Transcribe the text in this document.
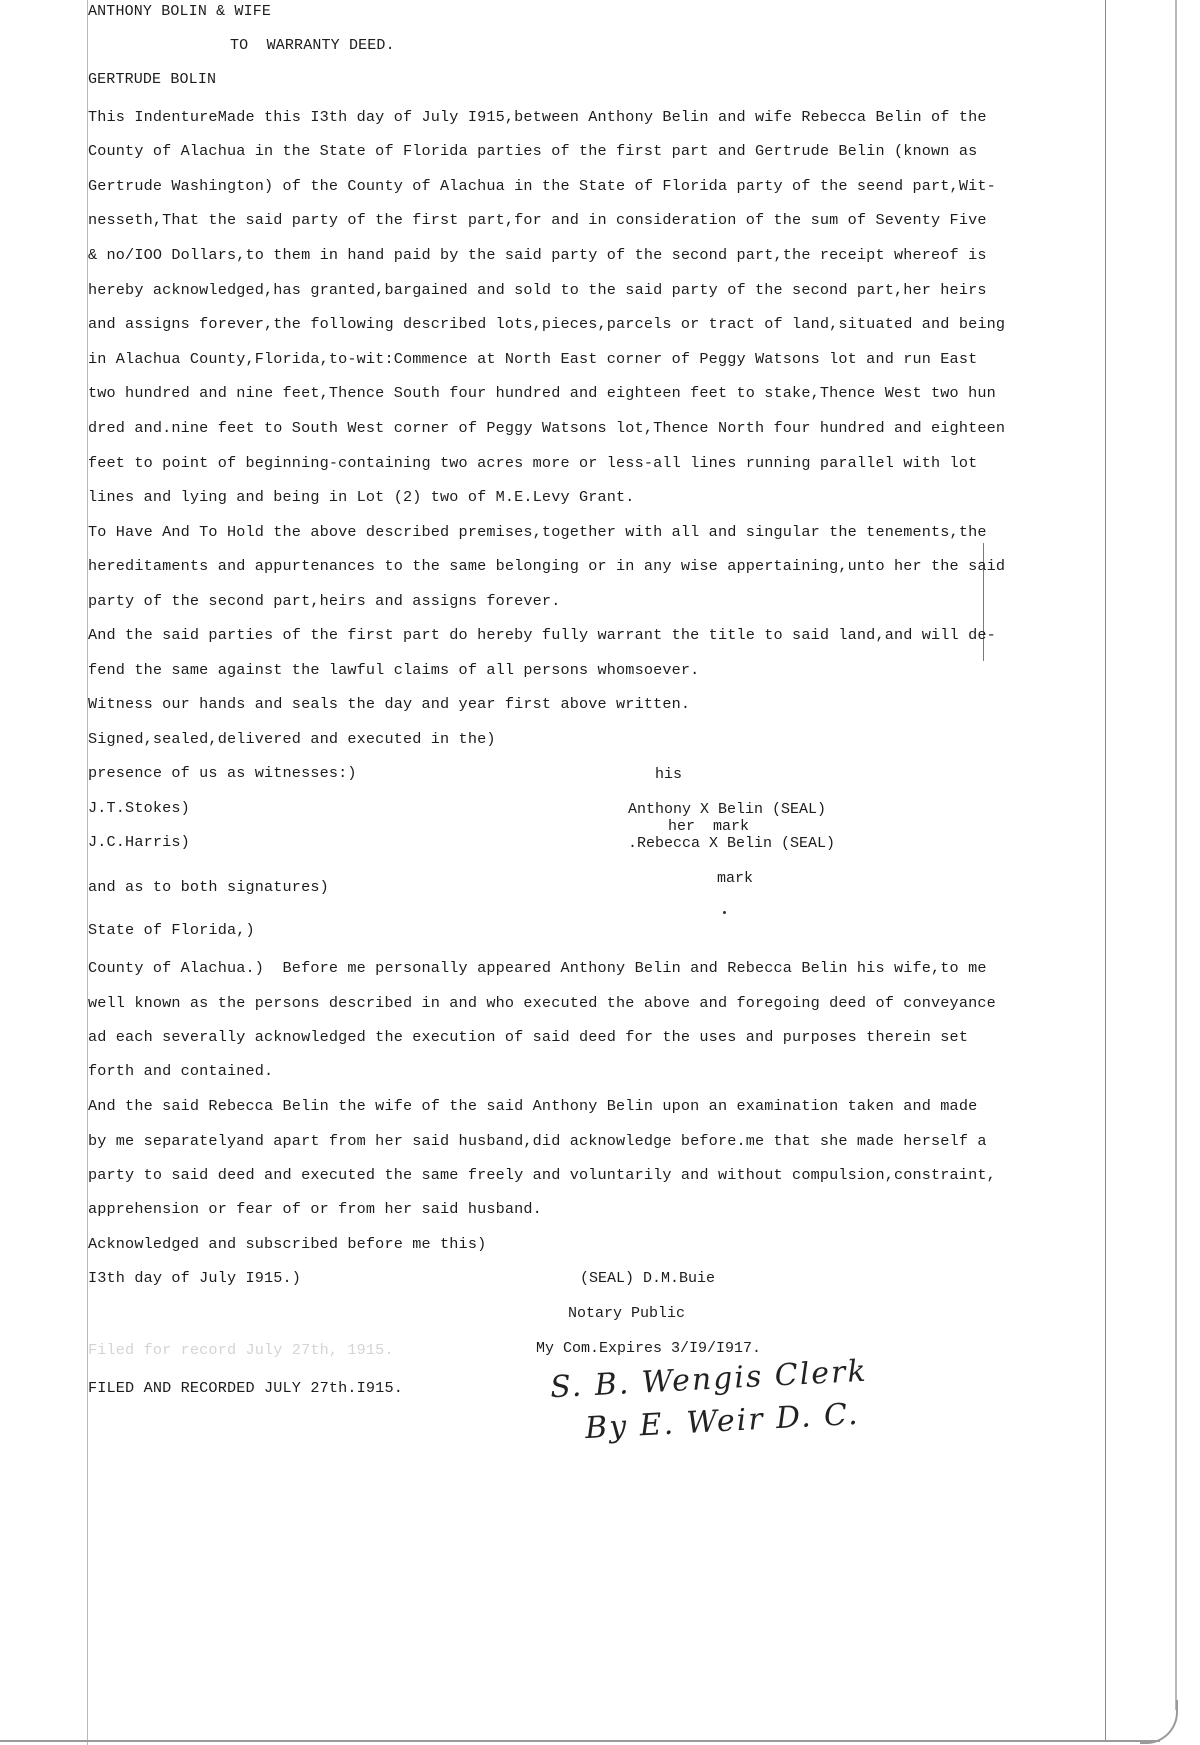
ANTHONY BOLIN & WIFE
TO  WARRANTY DEED.
GERTRUDE BOLIN
This IndentureMade this I3th day of July I915,between Anthony Belin and wife Rebecca Belin of the
County of Alachua in the State of Florida parties of the first part and Gertrude Belin (known as
Gertrude Washington) of the County of Alachua in the State of Florida party of the seend part,Wit-
nesseth,That the said party of the first part,for and in consideration of the sum of Seventy Five
& no/IOO Dollars,to them in hand paid by the said party of the second part,the receipt whereof is
hereby acknowledged,has granted,bargained and sold to the said party of the second part,her heirs
and assigns forever,the following described lots,pieces,parcels or tract of land,situated and being
in Alachua County,Florida,to-wit:Commence at North East corner of Peggy Watsons lot and run East
two hundred and nine feet,Thence South four hundred and eighteen feet to stake,Thence West two hun
dred and.nine feet to South West corner of Peggy Watsons lot,Thence North four hundred and eighteen
feet to point of beginning-containing two acres more or less-all lines running parallel with lot
lines and lying and being in Lot (2) two of M.E.Levy Grant.
To Have And To Hold the above described premises,together with all and singular the tenements,the
hereditaments and appurtenances to the same belonging or in any wise appertaining,unto her the said
party of the second part,heirs and assigns forever.
And the said parties of the first part do hereby fully warrant the title to said land,and will de-
fend the same against the lawful claims of all persons whomsoever.
Witness our hands and seals the day and year first above written.
Signed,sealed,delivered and executed in the)
presence of us as witnesses:)
J.T.Stokes)
J.C.Harris)
and as to both signatures)
his
Anthony X Belin (SEAL)
her  mark
.Rebecca X Belin (SEAL)
mark
State of Florida,)
County of Alachua.)  Before me personally appeared Anthony Belin and Rebecca Belin his wife,to me
well known as the persons described in and who executed the above and foregoing deed of conveyance
ad each severally acknowledged the execution of said deed for the uses and purposes therein set
forth and contained.
And the said Rebecca Belin the wife of the said Anthony Belin upon an examination taken and made
by me separatelyand apart from her said husband,did acknowledge before.me that she made herself a
party to said deed and executed the same freely and voluntarily and without compulsion,constraint,
apprehension or fear of or from her said husband.
Acknowledged and subscribed before me this)
I3th day of July I915.)	(SEAL) D.M.Buie
Notary Public
My Com.Expires 3/I9/I917.
Filed for record July 27th, 1915.
FILED AND RECORDED JULY 27th.I915.	S. B. Wengis Clerk
By E. Weir D. C.
